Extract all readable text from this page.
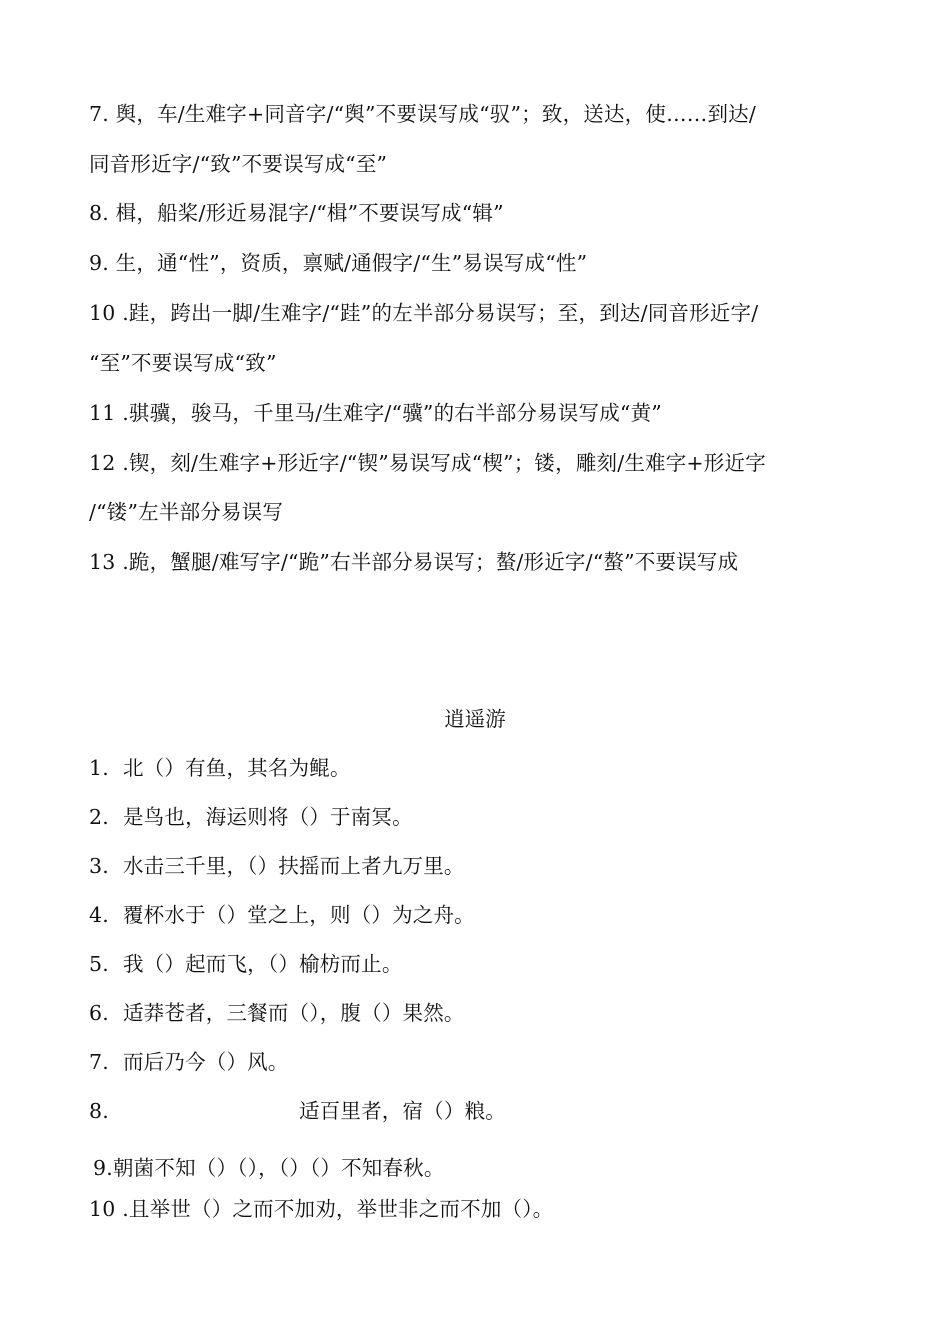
7. 舆，车/生难字+同音字/“舆”不要误写成“驭”；致，送达，使……到达/
同音形近字/“致”不要误写成“至”
8. 楫，船桨/形近易混字/“楫”不要误写成“辑”
9. 生，通“性”，资质，禀赋/通假字/“生”易误写成“性”
10 .跬，跨出一脚/生难字/“跬”的左半部分易误写；至，到达/同音形近字/
“至”不要误写成“致”
11 .骐骥，骏马，千里马/生难字/“骥”的右半部分易误写成“黄”
12 .锲，刻/生难字+形近字/“锲”易误写成“楔”；镂，雕刻/生难字+形近字
/“镂”左半部分易误写
13 .跪，蟹腿/难写字/“跪”右半部分易误写；螯/形近字/“螯”不要误写成
逍遥游
1. 北（）有鱼，其名为鲲。
2. 是鸟也，海运则将（）于南冥。
3. 水击三千里，（）扶摇而上者九万里。
4. 覆杯水于（）堂之上，则（）为之舟。
5. 我（）起而飞，（）榆枋而止。
6. 适莽苍者，三餐而（），腹（）果然。
7. 而后乃今（）风。
8.	适百里者，宿（）粮。
9.朝菌不知（）（），（）（）不知春秋。
10 .且举世（）之而不加劝，举世非之而不加（）。
